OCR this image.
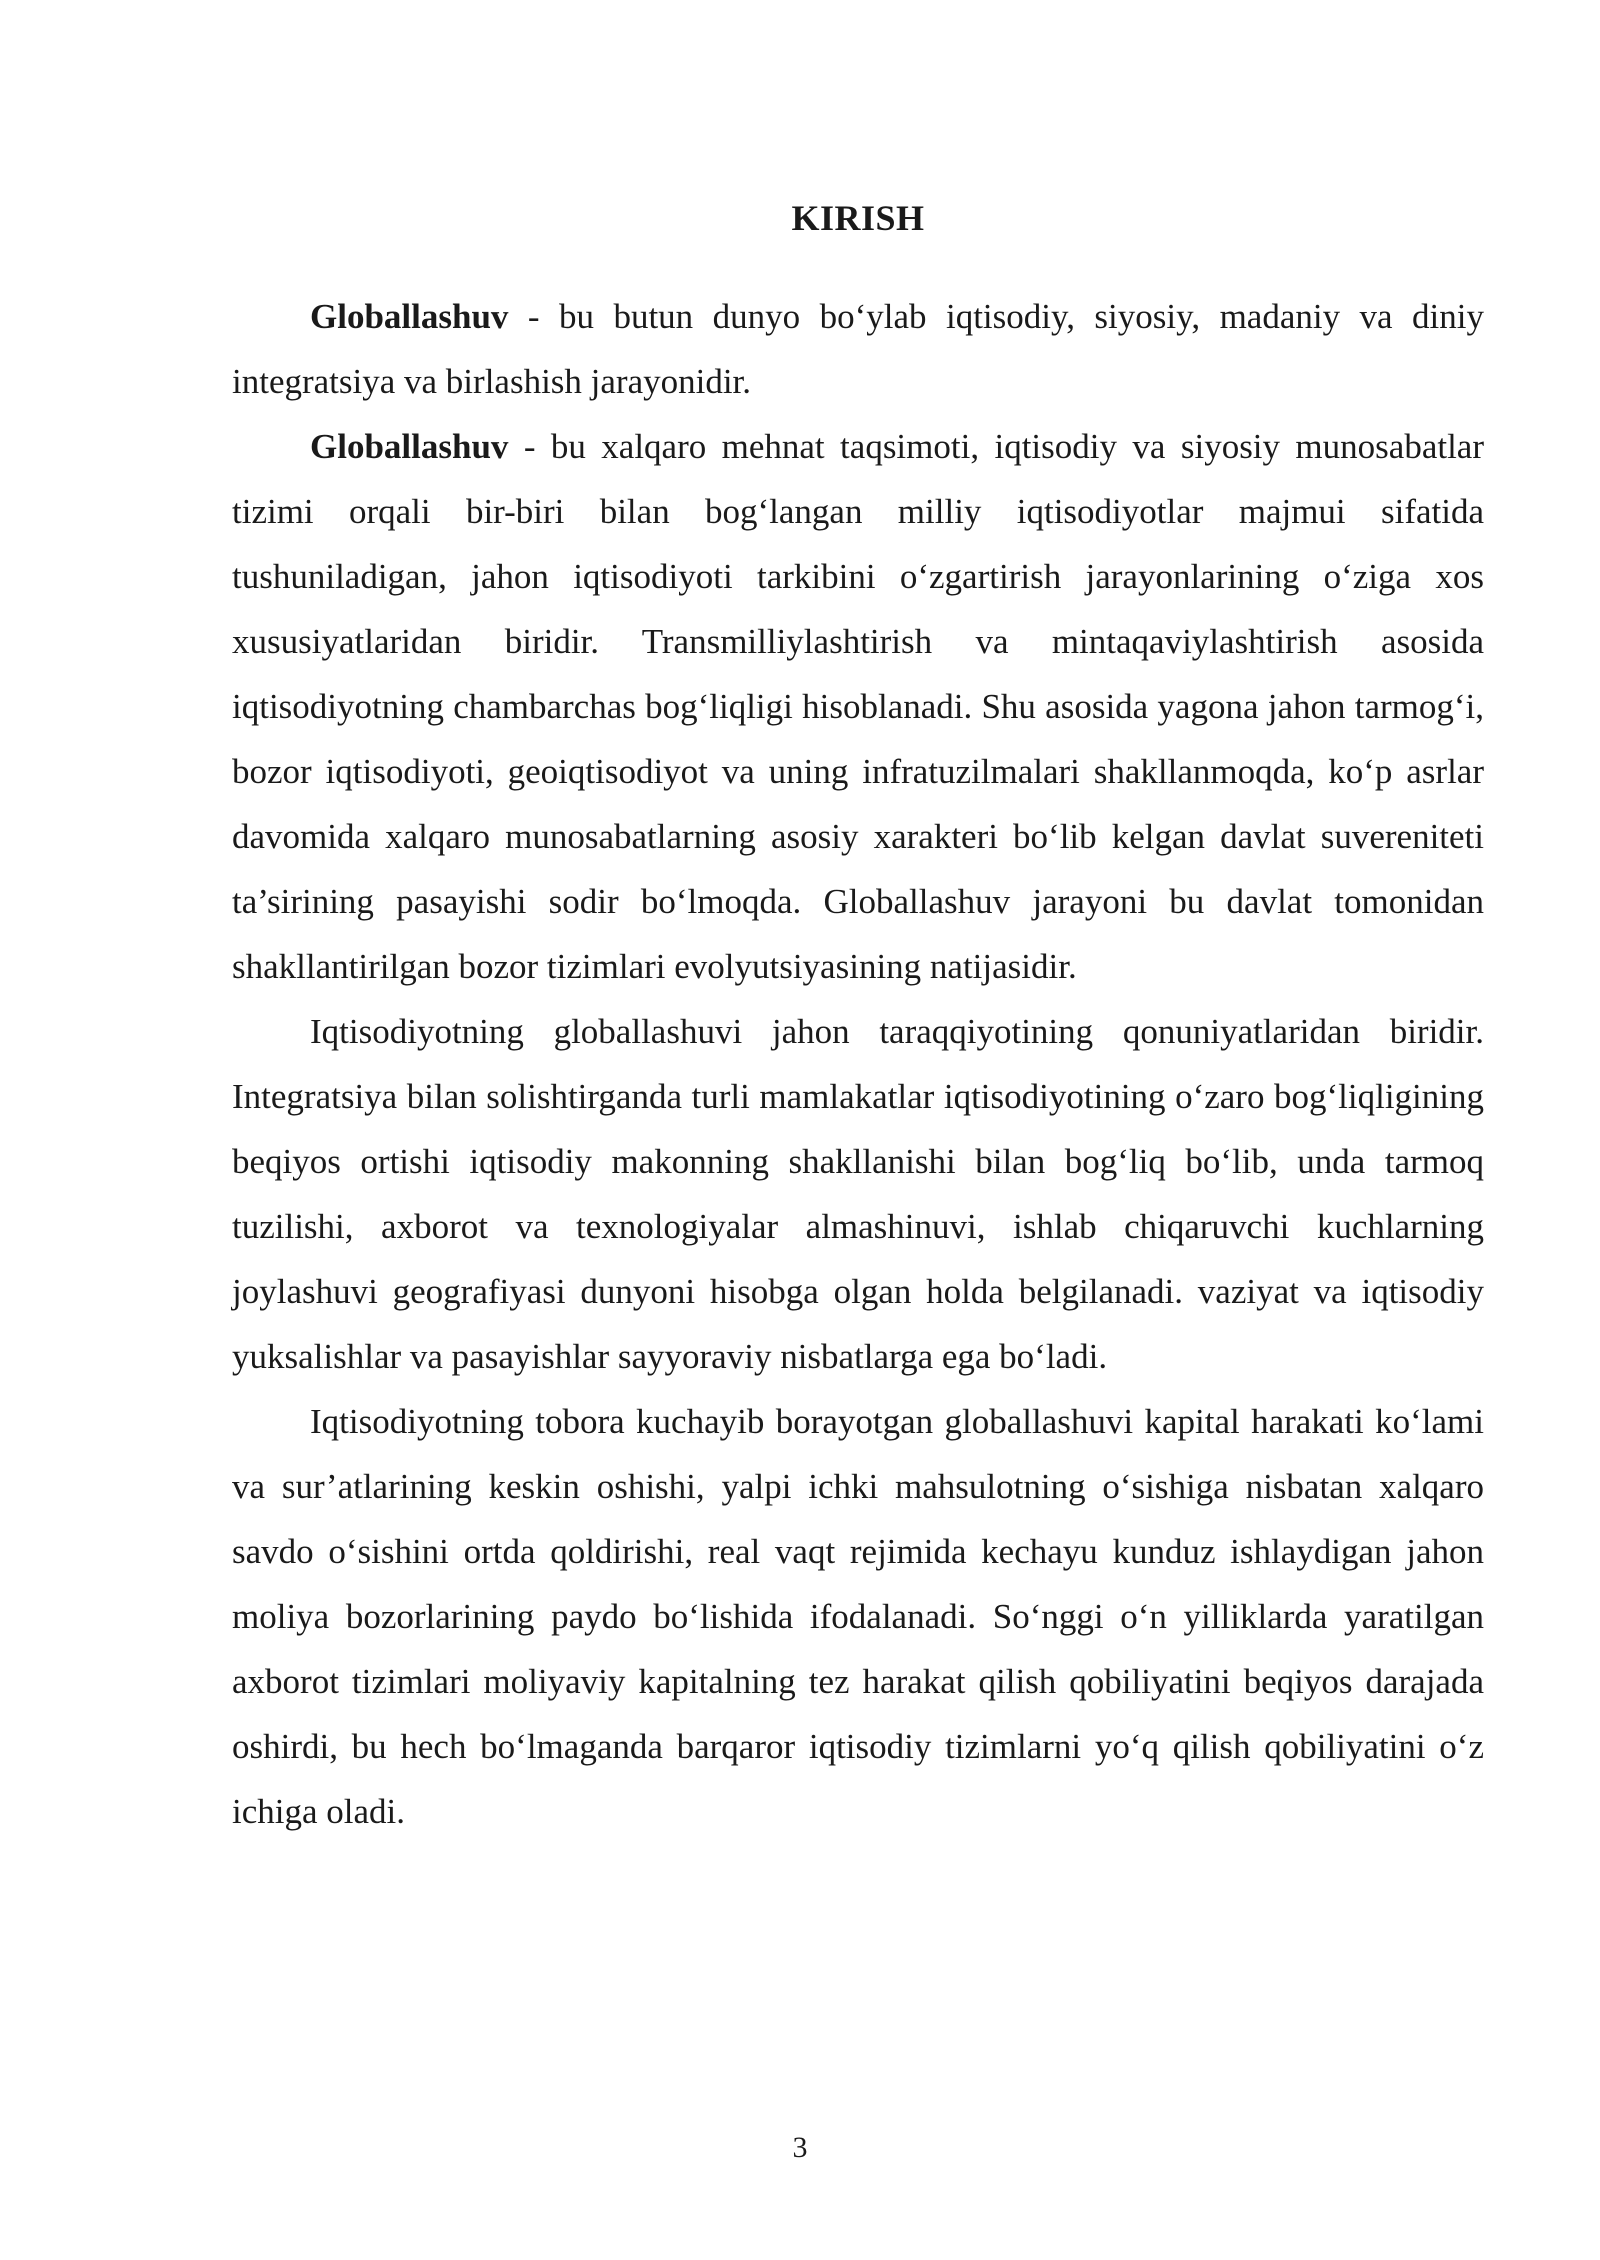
KIRISH

Globallashuv - bu butun dunyo bo‘ylab iqtisodiy, siyosiy, madaniy va diniy integratsiya va birlashish jarayonidir.

Globallashuv - bu xalqaro mehnat taqsimoti, iqtisodiy va siyosiy munosabatlar tizimi orqali bir-biri bilan bog‘langan milliy iqtisodiyotlar majmui sifatida tushuniladigan, jahon iqtisodiyoti tarkibini o‘zgartirish jarayonlarining o‘ziga xos xususiyatlaridan biridir. Transmilliylashtirish va mintaqaviylashtirish asosida iqtisodiyotning chambarchas bog‘liqligi hisoblanadi. Shu asosida yagona jahon tarmog‘i, bozor iqtisodiyoti, geoiqtisodiyot va uning infratuzilmalari shakllanmoqda, ko‘p asrlar davomida xalqaro munosabatlarning asosiy xarakteri bo‘lib kelgan davlat suvereniteti ta’sirining pasayishi sodir bo‘lmoqda. Globallashuv jarayoni bu davlat tomonidan shakllantirilgan bozor tizimlari evolyutsiyasining natijasidir.

Iqtisodiyotning globallashuvi jahon taraqqiyotining qonuniyatlaridan biridir. Integratsiya bilan solishtirganda turli mamlakatlar iqtisodiyotining o‘zaro bog‘liqligining beqiyos ortishi iqtisodiy makonning shakllanishi bilan bog‘liq bo‘lib, unda tarmoq tuzilishi, axborot va texnologiyalar almashinuvi, ishlab chiqaruvchi kuchlarning joylashuvi geografiyasi dunyoni hisobga olgan holda belgilanadi. vaziyat va iqtisodiy yuksalishlar va pasayishlar sayyoraviy nisbatlarga ega bo‘ladi.

Iqtisodiyotning tobora kuchayib borayotgan globallashuvi kapital harakati ko‘lami va sur’atlarining keskin oshishi, yalpi ichki mahsulotning o‘sishiga nisbatan xalqaro savdo o‘sishini ortda qoldirishi, real vaqt rejimida kechayu kunduz ishlaydigan jahon moliya bozorlarining paydo bo‘lishida ifodalanadi. So‘nggi o‘n yilliklarda yaratilgan axborot tizimlari moliyaviy kapitalning tez harakat qilish qobiliyatini beqiyos darajada oshirdi, bu hech bo‘lmaganda barqaror iqtisodiy tizimlarni yo‘q qilish qobiliyatini o‘z ichiga oladi.

3
